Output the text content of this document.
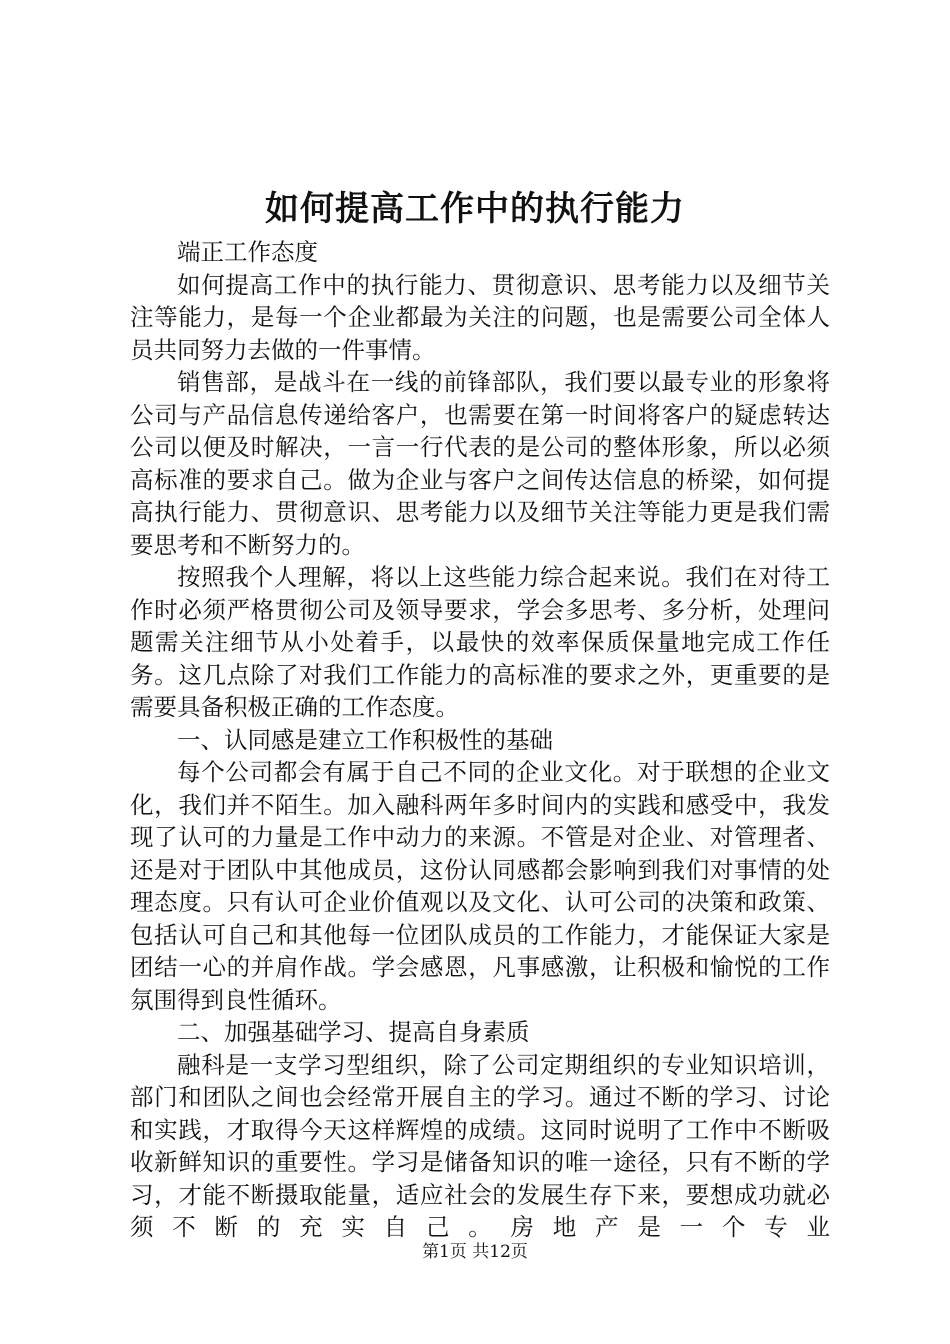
如何提高工作中的执行能力

端正工作态度

如何提高工作中的执行能力、贯彻意识、思考能力以及细节关注等能力，是每一个企业都最为关注的问题，也是需要公司全体人员共同努力去做的一件事情。

销售部，是战斗在一线的前锋部队，我们要以最专业的形象将公司与产品信息传递给客户，也需要在第一时间将客户的疑虑转达公司以便及时解决，一言一行代表的是公司的整体形象，所以必须高标准的要求自己。做为企业与客户之间传达信息的桥梁，如何提高执行能力、贯彻意识、思考能力以及细节关注等能力更是我们需要思考和不断努力的。

按照我个人理解，将以上这些能力综合起来说。我们在对待工作时必须严格贯彻公司及领导要求，学会多思考、多分析，处理问题需关注细节从小处着手，以最快的效率保质保量地完成工作任务。这几点除了对我们工作能力的高标准的要求之外，更重要的是需要具备积极正确的工作态度。

一、认同感是建立工作积极性的基础

每个公司都会有属于自己不同的企业文化。对于联想的企业文化，我们并不陌生。加入融科两年多时间内的实践和感受中，我发现了认可的力量是工作中动力的来源。不管是对企业、对管理者、还是对于团队中其他成员，这份认同感都会影响到我们对事情的处理态度。只有认可企业价值观以及文化、认可公司的决策和政策、包括认可自己和其他每一位团队成员的工作能力，才能保证大家是团结一心的并肩作战。学会感恩，凡事感激，让积极和愉悦的工作氛围得到良性循环。

二、加强基础学习、提高自身素质

融科是一支学习型组织，除了公司定期组织的专业知识培训，部门和团队之间也会经常开展自主的学习。通过不断的学习、讨论和实践，才取得今天这样辉煌的成绩。这同时说明了工作中不断吸收新鲜知识的重要性。学习是储备知识的唯一途径，只有不断的学习，才能不断摄取能量，适应社会的发展生存下来，要想成功就必须不断的充实自己。房地产是一个专业

第1页 共12页
